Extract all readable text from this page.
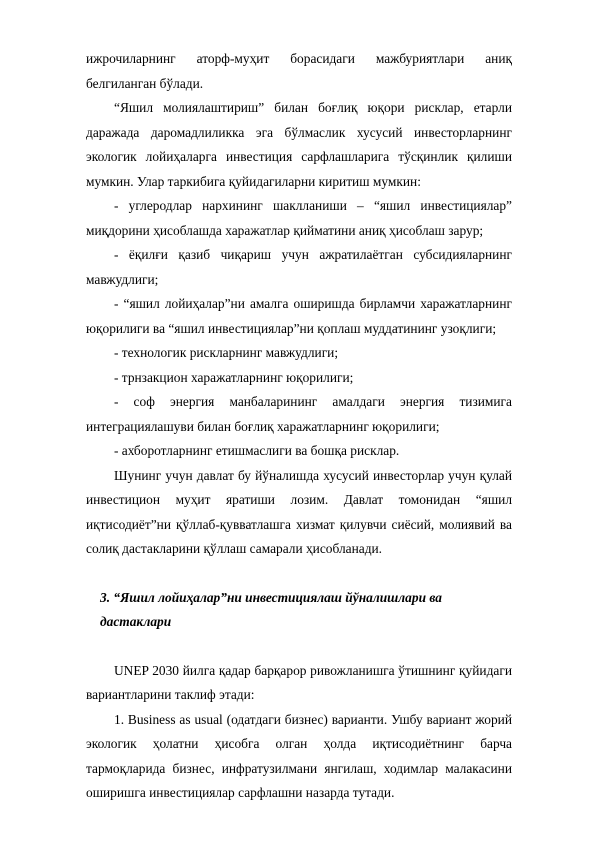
ижрочиларнинг аторф-муҳит борасидаги мажбуриятлари аниқ белгиланган бўлади.

“Яшил молиялаштириш” билан боғлиқ юқори рисклар, етарли даражада даромадлиликка эга бўлмаслик хусусий инвесторларнинг экологик лойиҳаларга инвестиция сарфлашларига тўсқинлик қилиши мумкин. Улар таркибига қуйидагиларни киритиш мумкин:

- углеродлар нархининг шаклланиши – “яшил инвестициялар” миқдорини ҳисоблашда харажатлар қийматини аниқ ҳисоблаш зарур;

- ёқилғи қазиб чиқариш учун ажратилаётган субсидияларнинг мавжудлиги;

- “яшил лойиҳалар”ни амалга оширишда бирламчи харажатларнинг юқорилиги ва “яшил инвестициялар”ни қоплаш муддатининг узоқлиги;

- технологик рискларнинг мавжудлиги;

- трнзакцион харажатларнинг юқорилиги;

- соф энергия манбаларининг амалдаги энергия тизимига интеграциялашуви билан боғлиқ харажатларнинг юқорилиги;

- ахборотларнинг етишмаслиги ва бошқа рисклар.

Шунинг учун давлат бу йўналишда хусусий инвесторлар учун қулай инвестицион муҳит яратиши лозим. Давлат томонидан “яшил иқтисодиёт”ни қўллаб-қувватлашга хизмат қилувчи сиёсий, молиявий ва солиқ дастакларини қўллаш самарали ҳисобланади.

3. “Яшил лойиҳалар”ни инвестициялаш йўналишлари ва дастаклари

UNEP 2030 йилга қадар барқарор ривожланишга ўтишнинг қуйидаги вариантларини таклиф этади:

1. Business as usual (одатдаги бизнес) варианти. Ушбу вариант жорий экологик ҳолатни ҳисобга олган ҳолда иқтисодиётнинг барча тармоқларида бизнес, инфратузилмани янгилаш, ходимлар малакасини оширишга инвестициялар сарфлашни назарда тутади.
